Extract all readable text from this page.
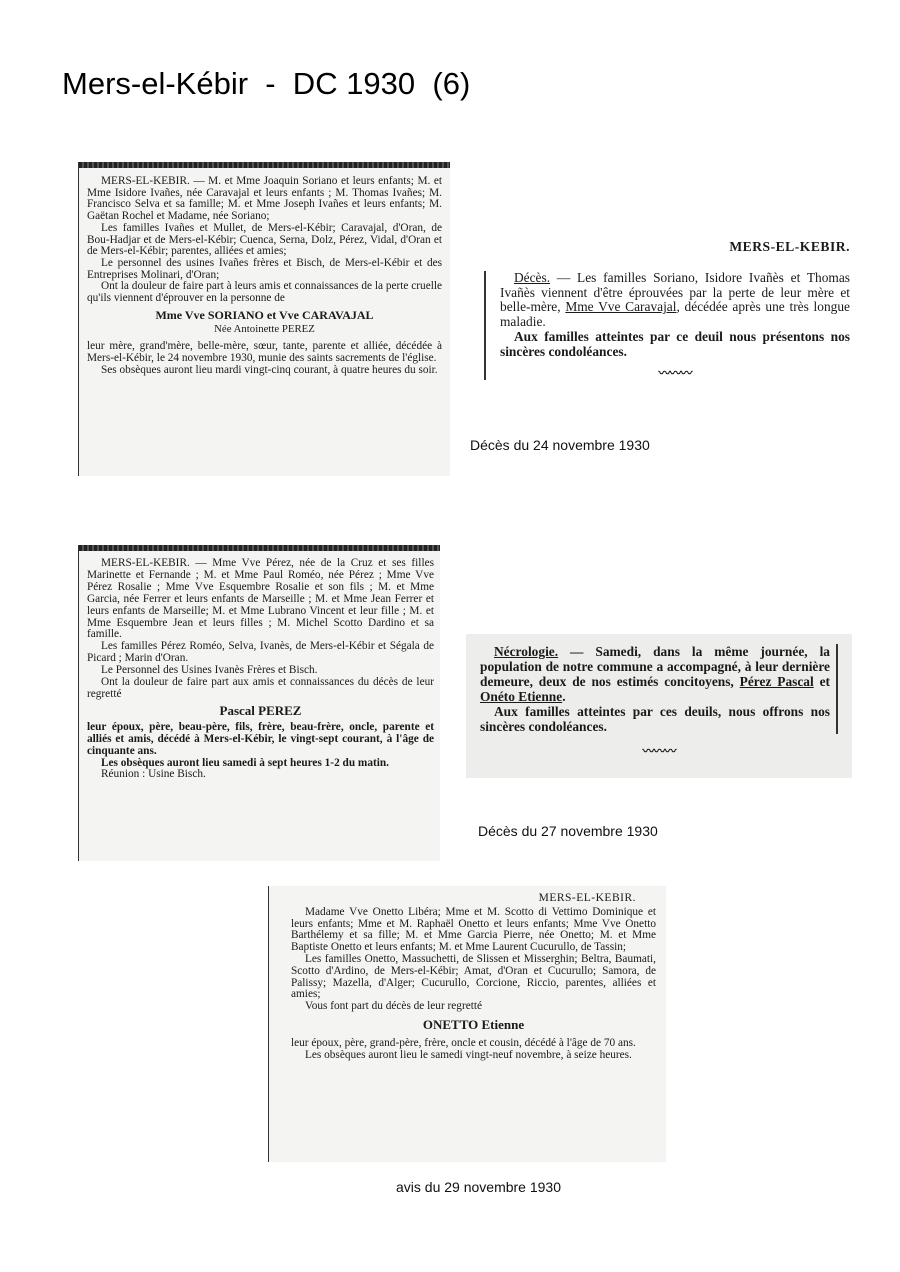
Mers-el-Kébir  -  DC 1930  (6)

MERS-EL-KEBIR. — M. et Mme Joaquin Soriano et leurs enfants; M. et Mme Isidore Ivañes, née Caravajal et leurs enfants ; M. Thomas Ivañes; M. Francisco Selva et sa famille; M. et Mme Joseph Ivañes et leurs enfants; M. Gaëtan Rochel et Madame, née Soriano;

Les familles Ivañes et Mullet, de Mers-el-Kébir; Caravajal, d'Oran, de Bou-Hadjar et de Mers-el-Kébir; Cuenca, Serna, Dolz, Pérez, Vidal, d'Oran et de Mers-el-Kébir; parentes, alliées et amies;

Le personnel des usines Ivañes frères et Bisch, de Mers-el-Kébir et des Entreprises Molinari, d'Oran;

Ont la douleur de faire part à leurs amis et connaissances de la perte cruelle qu'ils viennent d'éprouver en la personne de

Mme Vve SORIANO et Vve CARAVAJAL

Née Antoinette PEREZ

leur mère, grand'mère, belle-mère, sœur, tante, parente et alliée, décédée à Mers-el-Kébir, le 24 novembre 1930, munie des saints sacrements de l'église.

Ses obsèques auront lieu mardi vingt-cinq courant, à quatre heures du soir.

MERS-EL-KEBIR.

Décès. — Les familles Soriano, Isidore Ivañès et Thomas Ivañès viennent d'être éprouvées par la perte de leur mère et belle-mère, Mme Vve Caravajal, décédée après une très longue maladie.

Aux familles atteintes par ce deuil nous présentons nos sincères condoléances.

〰〰〰
Décès du 24 novembre 1930

MERS-EL-KEBIR. — Mme Vve Pérez, née de la Cruz et ses filles Marinette et Fernande ; M. et Mme Paul Roméo, née Pérez ; Mme Vve Pérez Rosalie ; Mme Vve Esquembre Rosalie et son fils ; M. et Mme Garcia, née Ferrer et leurs enfants de Marseille ; M. et Mme Jean Ferrer et leurs enfants de Marseille; M. et Mme Lubrano Vincent et leur fille ; M. et Mme Esquembre Jean et leurs filles ; M. Michel Scotto Dardino et sa famille.

Les familles Pérez Roméo, Selva, Ivanès, de Mers-el-Kébir et Ségala de Picard ; Marin d'Oran.

Le Personnel des Usines Ivanès Frères et Bisch.

Ont la douleur de faire part aux amis et connaissances du décès de leur regretté

Pascal PEREZ

leur époux, père, beau-père, fils, frère, beau-frère, oncle, parente et alliés et amis, décédé à Mers-el-Kébir, le vingt-sept courant, à l'âge de cinquante ans.

Les obsèques auront lieu samedi à sept heures 1-2 du matin.

Réunion : Usine Bisch.

Nécrologie. — Samedi, dans la même journée, la population de notre commune a accompagné, à leur dernière demeure, deux de nos estimés concitoyens, Pérez Pascal et Onéto Etienne.

Aux familles atteintes par ces deuils, nous offrons nos sincères condoléances.

〰〰〰
Décès du 27 novembre 1930
MERS-EL-KEBIR.

Madame Vve Onetto Libéra; Mme et M. Scotto di Vettimo Dominique et leurs enfants; Mme et M. Raphaël Onetto et leurs enfants; Mme Vve Onetto Barthélemy et sa fille; M. et Mme Garcia Pierre, née Onetto; M. et Mme Baptiste Onetto et leurs enfants; M. et Mme Laurent Cucurullo, de Tassin;

Les familles Onetto, Massuchetti, de Slissen et Misserghin; Beltra, Baumati, Scotto d'Ardino, de Mers-el-Kébir; Amat, d'Oran et Cucurullo; Samora, de Palissy; Mazella, d'Alger; Cucurullo, Corcione, Riccio, parentes, alliées et amies;

Vous font part du décès de leur regretté

ONETTO Etienne

leur époux, père, grand-père, frère, oncle et cousin, décédé à l'âge de 70 ans.

Les obsèques auront lieu le samedi vingt-neuf novembre, à seize heures.

avis du 29 novembre 1930
